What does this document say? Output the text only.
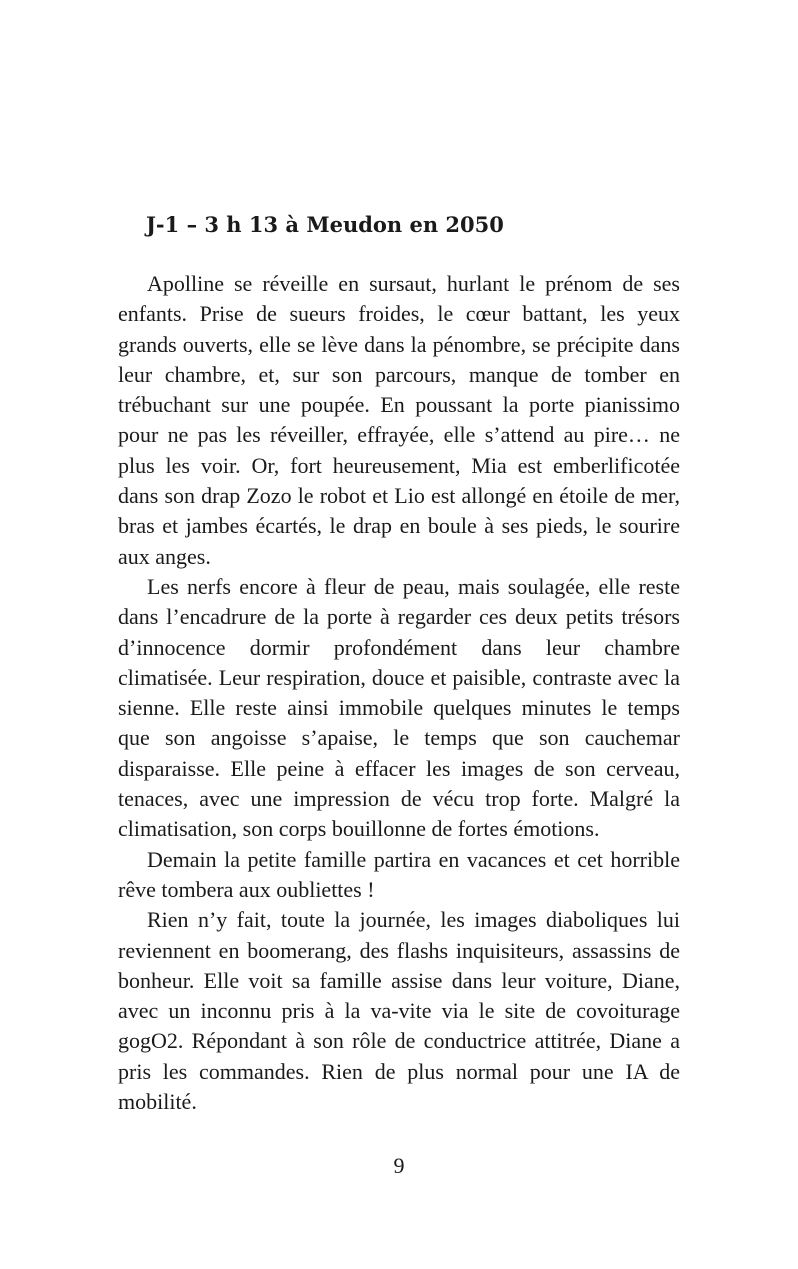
J-1 – 3 h 13 à Meudon en 2050

Apolline se réveille en sursaut, hurlant le prénom de ses enfants. Prise de sueurs froides, le cœur battant, les yeux grands ouverts, elle se lève dans la pénombre, se précipite dans leur chambre, et, sur son parcours, manque de tomber en trébuchant sur une poupée. En poussant la porte pianissimo pour ne pas les réveiller, effrayée, elle s’attend au pire… ne plus les voir. Or, fort heureusement, Mia est emberlificotée dans son drap Zozo le robot et Lio est allongé en étoile de mer, bras et jambes écartés, le drap en boule à ses pieds, le sourire aux anges.

Les nerfs encore à fleur de peau, mais soulagée, elle reste dans l’encadrure de la porte à regarder ces deux petits trésors d’innocence dormir profondément dans leur chambre climatisée. Leur respiration, douce et paisible, contraste avec la sienne. Elle reste ainsi immobile quelques minutes le temps que son angoisse s’apaise, le temps que son cauchemar disparaisse. Elle peine à effacer les images de son cerveau, tenaces, avec une impression de vécu trop forte. Malgré la climatisation, son corps bouillonne de fortes émotions.

Demain la petite famille partira en vacances et cet horrible rêve tombera aux oubliettes !

Rien n’y fait, toute la journée, les images diaboliques lui reviennent en boomerang, des flashs inquisiteurs, assassins de bonheur. Elle voit sa famille assise dans leur voiture, Diane, avec un inconnu pris à la va-vite via le site de covoiturage gogO2. Répondant à son rôle de conductrice attitrée, Diane a pris les commandes. Rien de plus normal pour une IA de mobilité.

9
